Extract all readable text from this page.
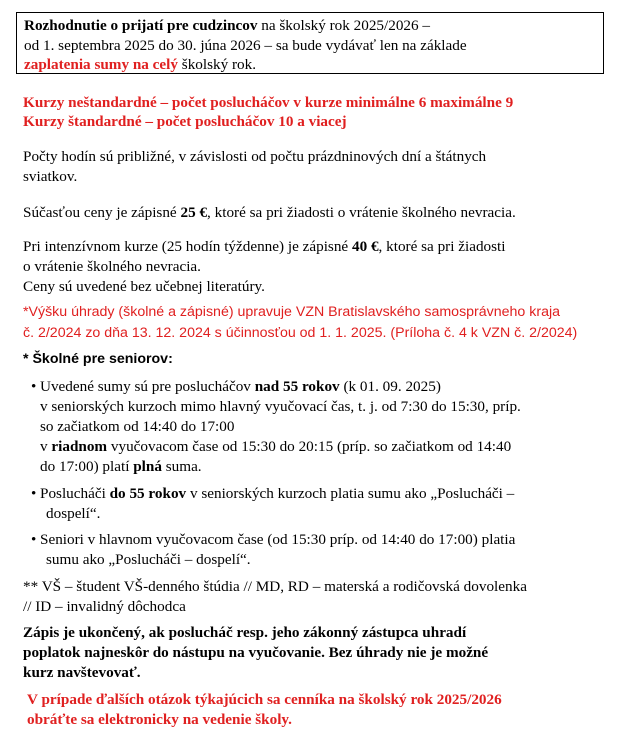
Rozhodnutie o prijatí pre cudzincov na školský rok 2025/2026 –
od 1. septembra 2025 do 30. júna 2026 – sa bude vydávať len na základe
zaplatenia sumy na celý školský rok.
Kurzy neštandardné – počet poslucháčov v kurze minimálne 6 maximálne 9
Kurzy štandardné – počet poslucháčov 10 a viacej
Počty hodín sú približné, v závislosti od počtu prázdninových dní a štátnych
sviatkov.
Súčasťou ceny je zápisné 25 €, ktoré sa pri žiadosti o vrátenie školného nevracia.
Pri intenzívnom kurze (25 hodín týždenne) je zápisné 40 €, ktoré sa pri žiadosti
o vrátenie školného nevracia.
Ceny sú uvedené bez učebnej literatúry.
*Výšku úhrady (školné a zápisné) upravuje VZN Bratislavského samosprávneho kraja
č. 2/2024 zo dňa 13. 12. 2024 s účinnosťou od 1. 1. 2025. (Príloha č. 4 k VZN č. 2/2024)
* Školné pre seniorov:
• Uvedené sumy sú pre poslucháčov nad 55 rokov (k 01. 09. 2025)
v seniorských kurzoch mimo hlavný vyučovací čas, t. j. od 7:30 do 15:30, príp.
so začiatkom od 14:40 do 17:00
v riadnom vyučovacom čase od 15:30 do 20:15 (príp. so začiatkom od 14:40
do 17:00) platí plná suma.
• Poslucháči do 55 rokov v seniorských kurzoch platia sumu ako „Poslucháči –
dospelí“.
• Seniori v hlavnom vyučovacom čase (od 15:30 príp. od 14:40 do 17:00) platia
sumu ako „Poslucháči – dospelí“.
** VŠ – študent VŠ-denného štúdia // MD, RD – materská a rodičovská dovolenka
// ID – invalidný dôchodca
Zápis je ukončený, ak poslucháč resp. jeho zákonný zástupca uhradí
poplatok najneskôr do nástupu na vyučovanie. Bez úhrady nie je možné
kurz navštevovať.
V prípade ďalších otázok týkajúcich sa cenníka na školský rok 2025/2026
obráťte sa elektronicky na vedenie školy.
